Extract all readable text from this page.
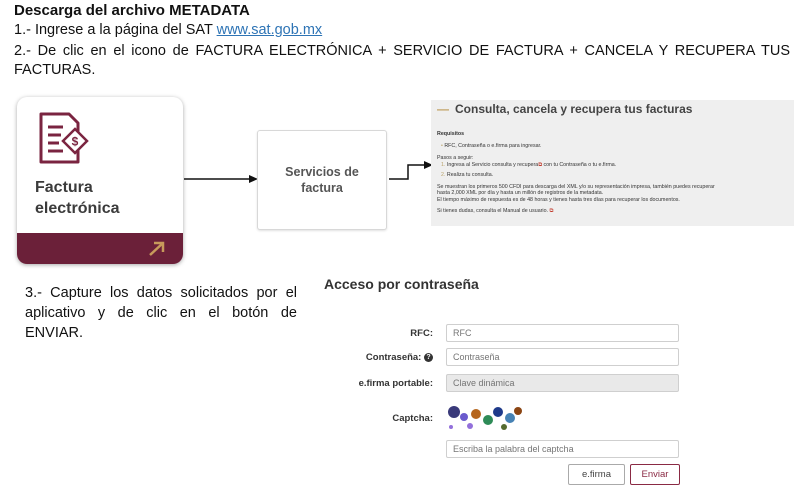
Descarga del archivo METADATA
1.- Ingrese a la página del SAT www.sat.gob.mx
2.- De clic en el icono de FACTURA ELECTRÓNICA + SERVICIO DE FACTURA + CANCELA Y RECUPERA TUS FACTURAS.
$
Factura
electrónica
Servicios de
factura
— Consulta, cancela y recupera tus facturas
Requisitos
• RFC, Contraseña o e.firma para ingresar.
Pasos a seguir:
1. Ingresa al Servicio consulta y recupera⧉ con tu Contraseña o tu e.firma.
2. Realiza tu consulta.
Se muestran los primeros 500 CFDI para descarga del XML y/o su representación impresa, también puedes recuperar
hasta 2,000 XML por día y hasta un millón de registros de la metadata.
El tiempo máximo de respuesta es de 48 horas y tienes hasta tres días para recuperar los documentos.
Si tienes dudas, consulta el Manual de usuario. ⧉
3.- Capture los datos solicitados por el aplicativo y de clic en el botón de ENVIAR.
Acceso por contraseña
RFC:
RFC
Contraseña: ?
e.firma portable:
Clave dinámica
Captcha:
Escriba la palabra del captcha
e.firma	Enviar
